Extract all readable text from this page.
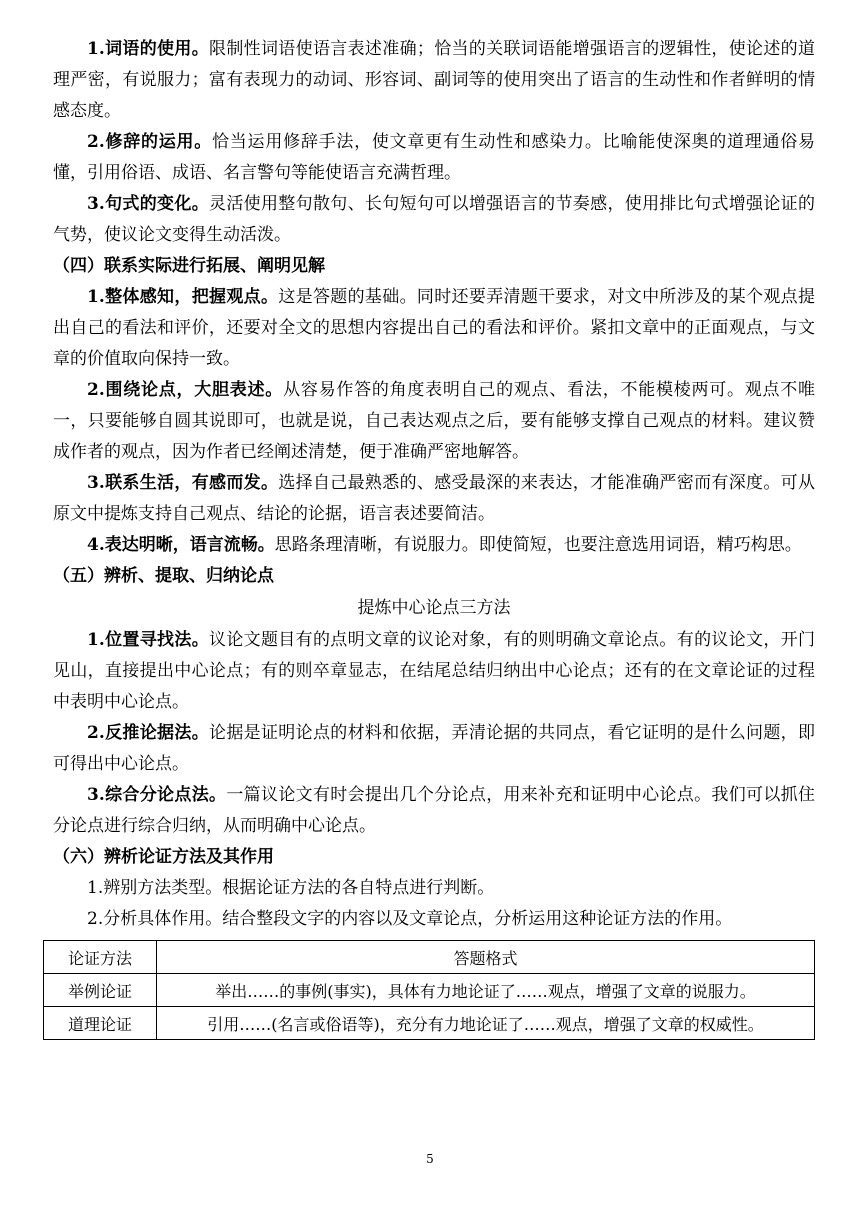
1.词语的使用。限制性词语使语言表述准确；恰当的关联词语能增强语言的逻辑性，使论述的道理严密，有说服力；富有表现力的动词、形容词、副词等的使用突出了语言的生动性和作者鲜明的情感态度。

2.修辞的运用。恰当运用修辞手法，使文章更有生动性和感染力。比喻能使深奥的道理通俗易懂，引用俗语、成语、名言警句等能使语言充满哲理。

3.句式的变化。灵活使用整句散句、长句短句可以增强语言的节奏感，使用排比句式增强论证的气势，使议论文变得生动活泼。

（四）联系实际进行拓展、阐明见解

1.整体感知，把握观点。这是答题的基础。同时还要弄清题干要求，对文中所涉及的某个观点提出自己的看法和评价，还要对全文的思想内容提出自己的看法和评价。紧扣文章中的正面观点，与文章的价值取向保持一致。

2.围绕论点，大胆表述。从容易作答的角度表明自己的观点、看法，不能模棱两可。观点不唯一，只要能够自圆其说即可，也就是说，自己表达观点之后，要有能够支撑自己观点的材料。建议赞成作者的观点，因为作者已经阐述清楚，便于准确严密地解答。

3.联系生活，有感而发。选择自己最熟悉的、感受最深的来表达，才能准确严密而有深度。可从原文中提炼支持自己观点、结论的论据，语言表述要简洁。

4.表达明晰，语言流畅。思路条理清晰，有说服力。即使简短，也要注意选用词语，精巧构思。

（五）辨析、提取、归纳论点

提炼中心论点三方法

1.位置寻找法。议论文题目有的点明文章的议论对象，有的则明确文章论点。有的议论文，开门见山，直接提出中心论点；有的则卒章显志，在结尾总结归纳出中心论点；还有的在文章论证的过程中表明中心论点。

2.反推论据法。论据是证明论点的材料和依据，弄清论据的共同点，看它证明的是什么问题，即可得出中心论点。

3.综合分论点法。一篇议论文有时会提出几个分论点，用来补充和证明中心论点。我们可以抓住分论点进行综合归纳，从而明确中心论点。

（六）辨析论证方法及其作用

1.辨别方法类型。根据论证方法的各自特点进行判断。

2.分析具体作用。结合整段文字的内容以及文章论点，分析运用这种论证方法的作用。

论证方法	答题格式
举例论证	举出……的事例(事实)，具体有力地论证了……观点，增强了文章的说服力。
道理论证	引用……(名言或俗语等)，充分有力地论证了……观点，增强了文章的权威性。
5
